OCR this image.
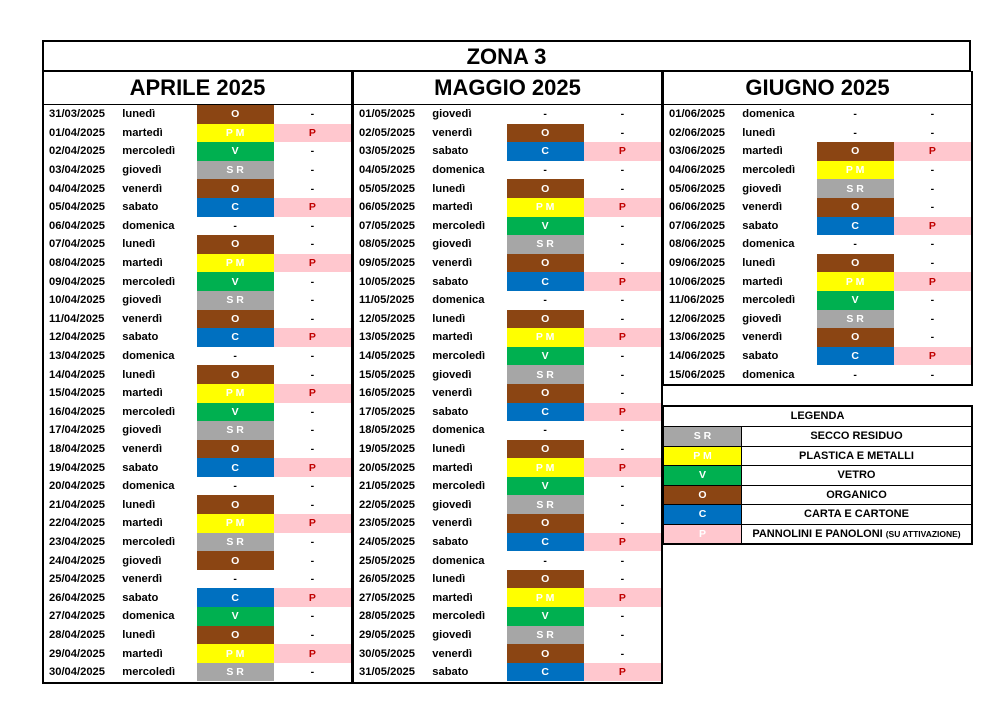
ZONA 3
APRILE 2025
31/03/2025	lunedì	O	-
01/04/2025	martedì	P M	P
02/04/2025	mercoledì	V	-
03/04/2025	giovedì	S R	-
04/04/2025	venerdì	O	-
05/04/2025	sabato	C	P
06/04/2025	domenica	-	-
07/04/2025	lunedì	O	-
08/04/2025	martedì	P M	P
09/04/2025	mercoledì	V	-
10/04/2025	giovedì	S R	-
11/04/2025	venerdì	O	-
12/04/2025	sabato	C	P
13/04/2025	domenica	-	-
14/04/2025	lunedì	O	-
15/04/2025	martedì	P M	P
16/04/2025	mercoledì	V	-
17/04/2025	giovedì	S R	-
18/04/2025	venerdì	O	-
19/04/2025	sabato	C	P
20/04/2025	domenica	-	-
21/04/2025	lunedì	O	-
22/04/2025	martedì	P M	P
23/04/2025	mercoledì	S R	-
24/04/2025	giovedì	O	-
25/04/2025	venerdì	-	-
26/04/2025	sabato	C	P
27/04/2025	domenica	V	-
28/04/2025	lunedì	O	-
29/04/2025	martedì	P M	P
30/04/2025	mercoledì	S R	-
MAGGIO 2025
01/05/2025	giovedì	-	-
02/05/2025	venerdì	O	-
03/05/2025	sabato	C	P
04/05/2025	domenica	-	-
05/05/2025	lunedì	O	-
06/05/2025	martedì	P M	P
07/05/2025	mercoledì	V	-
08/05/2025	giovedì	S R	-
09/05/2025	venerdì	O	-
10/05/2025	sabato	C	P
11/05/2025	domenica	-	-
12/05/2025	lunedì	O	-
13/05/2025	martedì	P M	P
14/05/2025	mercoledì	V	-
15/05/2025	giovedì	S R	-
16/05/2025	venerdì	O	-
17/05/2025	sabato	C	P
18/05/2025	domenica	-	-
19/05/2025	lunedì	O	-
20/05/2025	martedì	P M	P
21/05/2025	mercoledì	V	-
22/05/2025	giovedì	S R	-
23/05/2025	venerdì	O	-
24/05/2025	sabato	C	P
25/05/2025	domenica	-	-
26/05/2025	lunedì	O	-
27/05/2025	martedì	P M	P
28/05/2025	mercoledì	V	-
29/05/2025	giovedì	S R	-
30/05/2025	venerdì	O	-
31/05/2025	sabato	C	P
GIUGNO 2025
01/06/2025	domenica	-	-
02/06/2025	lunedì	-	-
03/06/2025	martedì	O	P
04/06/2025	mercoledì	P M	-
05/06/2025	giovedì	S R	-
06/06/2025	venerdì	O	-
07/06/2025	sabato	C	P
08/06/2025	domenica	-	-
09/06/2025	lunedì	O	-
10/06/2025	martedì	P M	P
11/06/2025	mercoledì	V	-
12/06/2025	giovedì	S R	-
13/06/2025	venerdì	O	-
14/06/2025	sabato	C	P
15/06/2025	domenica	-	-
LEGENDA
S R	SECCO RESIDUO
P M	PLASTICA E METALLI
V	VETRO
O	ORGANICO
C	CARTA E CARTONE
P	PANNOLINI E PANOLONI (SU ATTIVAZIONE)
